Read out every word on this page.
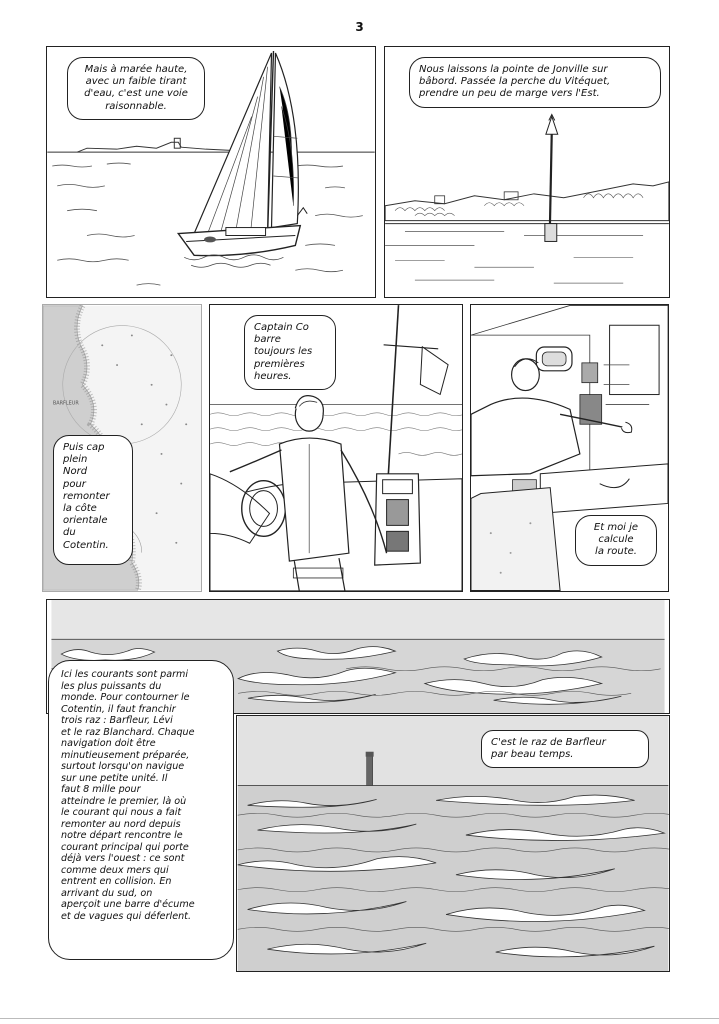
3
Mais à marée haute,
avec un faible tirant
d'eau, c'est une voie
raisonnable.
Nous laissons la pointe de Jonville sur
bâbord. Passée la perche du Vitéquet,
prendre un peu de marge vers l'Est.
BARFLEUR
Puis cap
plein
Nord
pour
remonter
la côte
orientale
du
Cotentin.
Captain Co
barre
toujours les
premières
heures.
Et moi je
calcule
la route.
C'est le raz de Barfleur
par beau temps.
Ici les courants sont parmi
les plus puissants du
monde. Pour contourner le
Cotentin, il faut franchir
trois raz : Barfleur, Lévi
et le raz Blanchard. Chaque
navigation doit être
minutieusement préparée,
surtout lorsqu'on navigue
sur une petite unité. Il
faut 8 mille pour
atteindre le premier, là où
le courant qui nous a fait
remonter au nord depuis
notre départ rencontre le
courant principal qui porte
déjà vers l'ouest : ce sont
comme deux mers qui
entrent en collision. En
arrivant du sud, on
aperçoit une barre d'écume
et de vagues qui déferlent.
